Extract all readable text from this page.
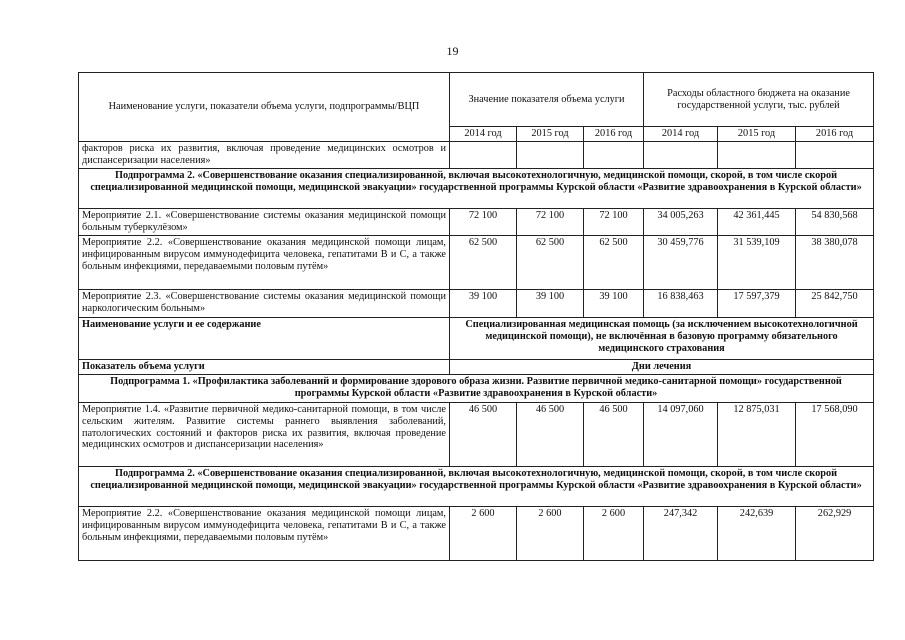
19
Наименование услуги, показатели объема услуги, подпрограммы/ВЦП	Значение показателя объема услуги			Расходы областного бюджета на оказание государственной услуги, тыс. рублей		
	2014 год	2015 год	2016 год	2014 год	2015 год	2016 год
факторов риска их развития, включая проведение медицинских осмотров и диспансеризации населения»						
Подпрограмма 2. «Совершенствование оказания специализированной, включая высокотехнологичную, медицинской помощи, скорой, в том числе скорой специализированной медицинской помощи, медицинской эвакуации» государственной программы Курской области «Развитие здравоохранения в Курской области»						
Мероприятие 2.1. «Совершенствование системы оказания медицинской помощи больным туберкулёзом»	72 100	72 100	72 100	34 005,263	42 361,445	54 830,568
Мероприятие 2.2. «Совершенствование оказания медицинской помощи лицам, инфицированным вирусом иммунодефицита человека, гепатитами В и С, а также больным инфекциями, передаваемыми половым путём»	62 500	62 500	62 500	30 459,776	31 539,109	38 380,078
Мероприятие 2.3. «Совершенствование системы оказания медицинской помощи наркологическим больным»	39 100	39 100	39 100	16 838,463	17 597,379	25 842,750
Наименование услуги и ее содержание	Специализированная медицинская помощь (за исключением высокотехнологичной медицинской помощи), не включённая в базовую программу обязательного медицинского страхования					
Показатель объема услуги	Дни лечения					
Подпрограмма 1. «Профилактика заболеваний и формирование здорового образа жизни. Развитие первичной медико-санитарной помощи» государственной программы Курской области «Развитие здравоохранения в Курской области»						
Мероприятие 1.4. «Развитие первичной медико-санитарной помощи, в том числе сельским жителям. Развитие системы раннего выявления заболеваний, патологических состояний и факторов риска их развития, включая проведение медицинских осмотров и диспансеризации населения»	46 500	46 500	46 500	14 097,060	12 875,031	17 568,090
Подпрограмма 2. «Совершенствование оказания специализированной, включая высокотехнологичную, медицинской помощи, скорой, в том числе скорой специализированной медицинской помощи, медицинской эвакуации» государственной программы Курской области «Развитие здравоохранения в Курской области»						
Мероприятие 2.2. «Совершенствование оказания медицинской помощи лицам, инфицированным вирусом иммунодефицита человека, гепатитами В и С, а также больным инфекциями, передаваемыми половым путём»	2 600	2 600	2 600	247,342	242,639	262,929
